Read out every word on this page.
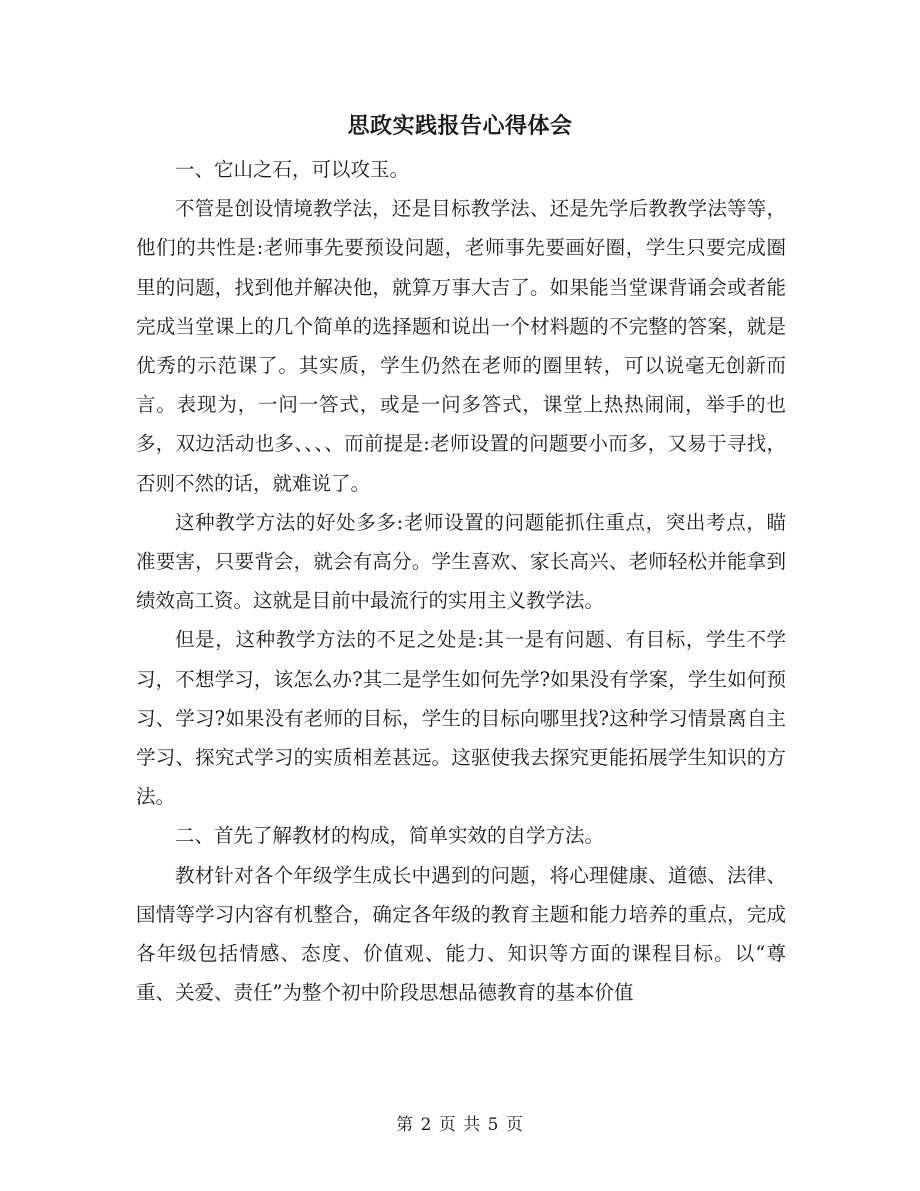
思政实践报告心得体会

一、它山之石，可以攻玉。

不管是创设情境教学法，还是目标教学法、还是先学后教教学法等等，他们的共性是:老师事先要预设问题，老师事先要画好圈，学生只要完成圈里的问题，找到他并解决他，就算万事大吉了。如果能当堂课背诵会或者能完成当堂课上的几个简单的选择题和说出一个材料题的不完整的答案，就是优秀的示范课了。其实质，学生仍然在老师的圈里转，可以说毫无创新而言。表现为，一问一答式，或是一问多答式，课堂上热热闹闹，举手的也多，双边活动也多、、、、而前提是:老师设置的问题要小而多，又易于寻找，否则不然的话，就难说了。

这种教学方法的好处多多:老师设置的问题能抓住重点，突出考点，瞄准要害，只要背会，就会有高分。学生喜欢、家长高兴、老师轻松并能拿到绩效高工资。这就是目前中最流行的实用主义教学法。

但是，这种教学方法的不足之处是:其一是有问题、有目标，学生不学习，不想学习，该怎么办?其二是学生如何先学?如果没有学案，学生如何预习、学习?如果没有老师的目标，学生的目标向哪里找?这种学习情景离自主学习、探究式学习的实质相差甚远。这驱使我去探究更能拓展学生知识的方法。

二、首先了解教材的构成，简单实效的自学方法。

教材针对各个年级学生成长中遇到的问题，将心理健康、道德、法律、国情等学习内容有机整合，确定各年级的教育主题和能力培养的重点，完成各年级包括情感、态度、价值观、能力、知识等方面的课程目标。以“尊重、关爱、责任”为整个初中阶段思想品德教育的基本价值

第 2 页 共 5 页
